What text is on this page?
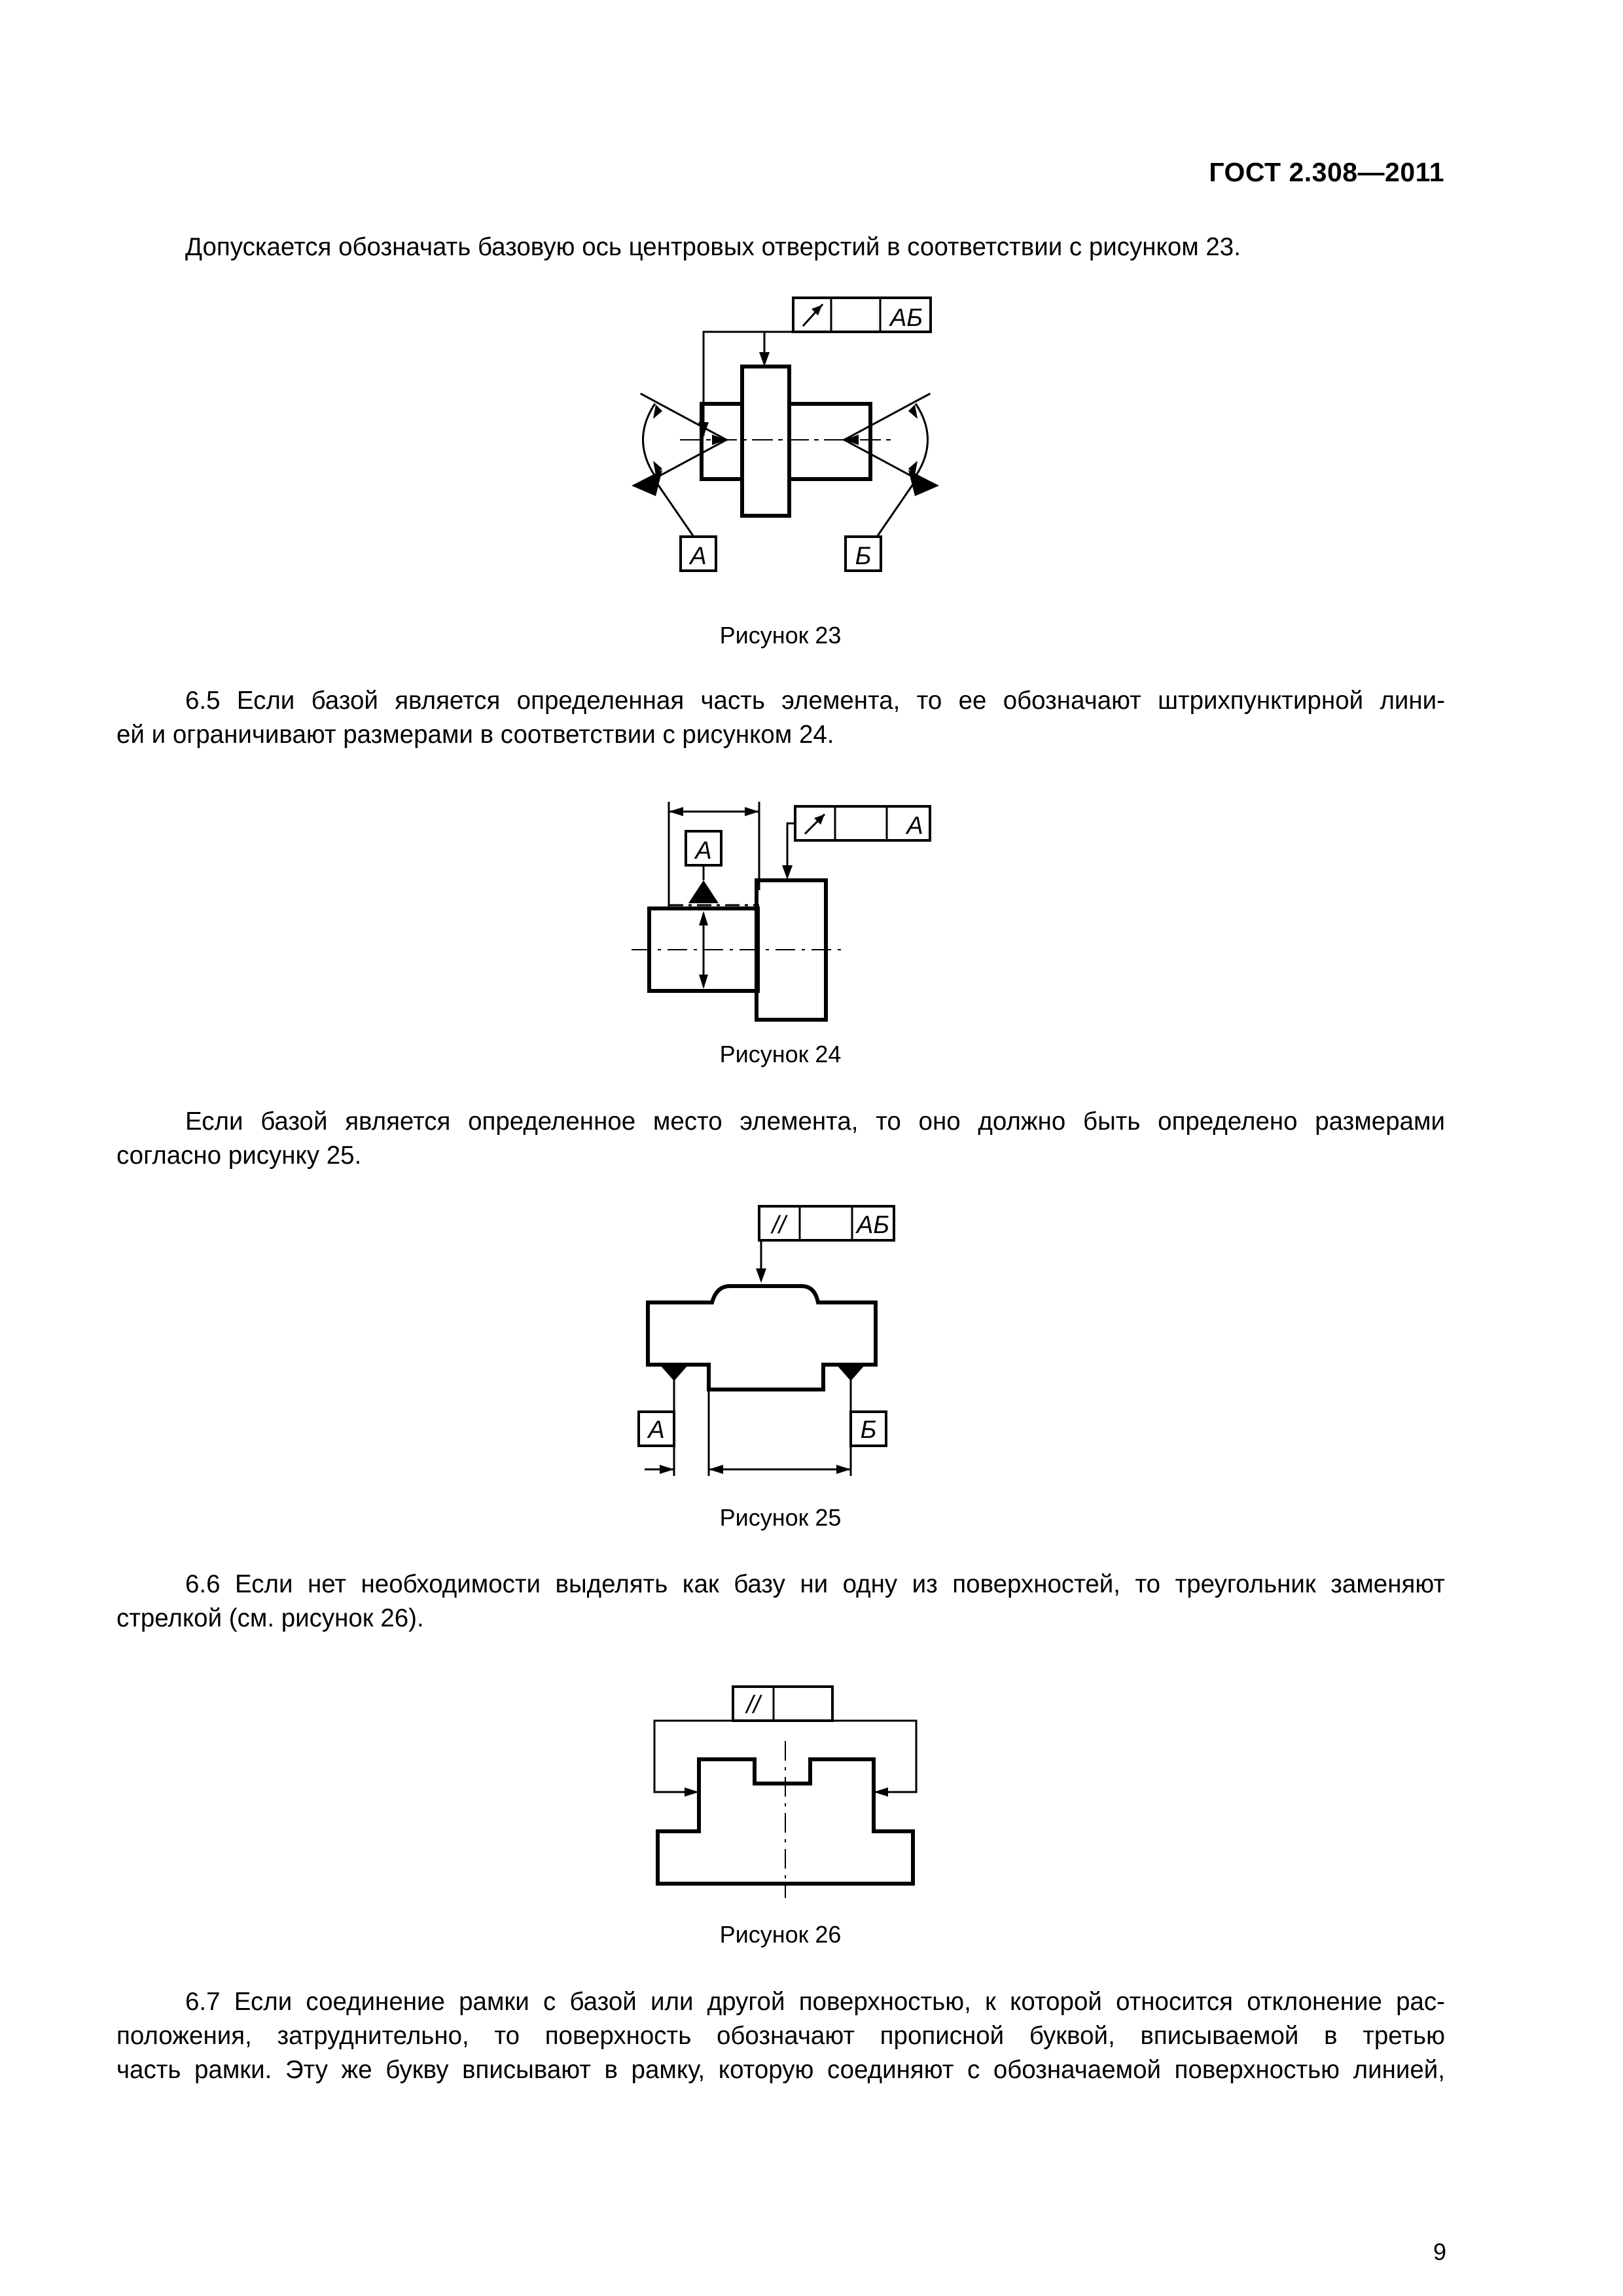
ГОСТ 2.308—2011
Допускается обозначать базовую ось центровых отверстий в соответствии с рисунком 23.
АБ
А	Б
Рисунок 23
6.5 Если базой является определенная часть элемента, то ее обозначают штрихпунктирной лини-
ей и ограничивают размерами в соответствии с рисунком 24.
А
А
Рисунок 24
Если базой является определенное место элемента, то оно должно быть определено размерами
согласно рисунку 25.
//	АБ
А	Б
Рисунок 25
6.6 Если нет необходимости выделять как базу ни одну из поверхностей, то треугольник заменяют
стрелкой (см. рисунок 26).
//
Рисунок 26
6.7 Если соединение рамки с базой или другой поверхностью, к которой относится отклонение рас-
положения, затруднительно, то поверхность обозначают прописной буквой, вписываемой в третью
часть рамки. Эту же букву вписывают в рамку, которую соединяют с обозначаемой поверхностью линией,
9
